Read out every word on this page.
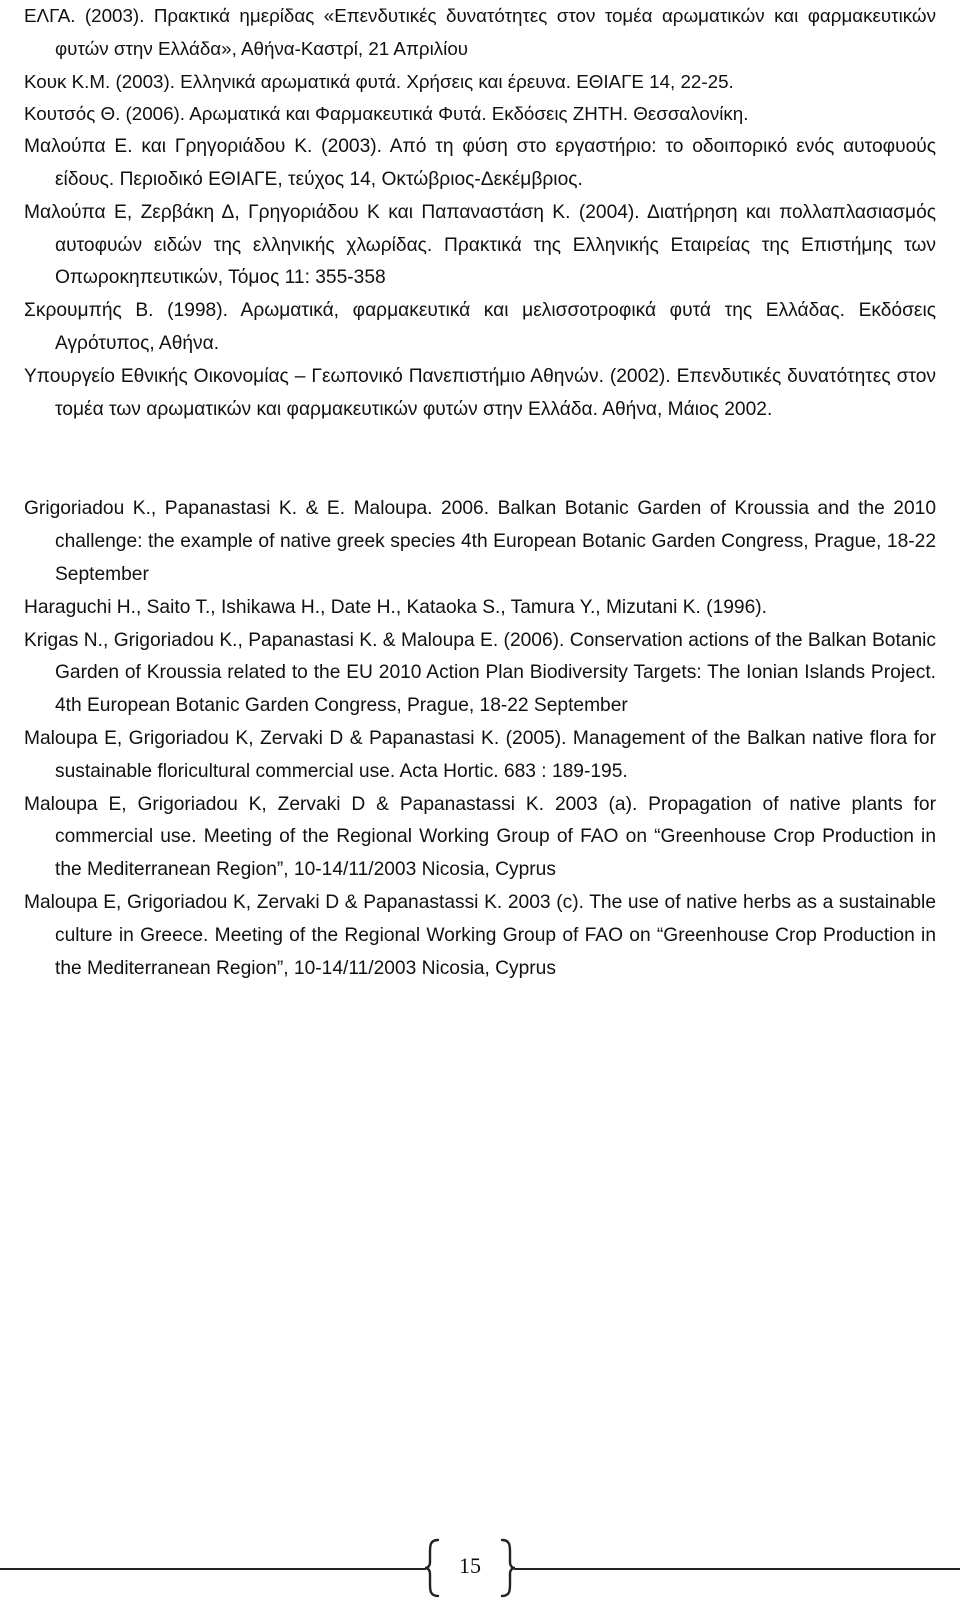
ΕΛΓΑ. (2003). Πρακτικά ημερίδας «Επενδυτικές δυνατότητες στον τομέα αρωματικών και φαρμακευτικών φυτών στην Ελλάδα», Αθήνα-Καστρί, 21 Απριλίου

Κουκ Κ.Μ. (2003). Ελληνικά αρωματικά φυτά. Χρήσεις και έρευνα. ΕΘΙΑΓΕ 14, 22-25.

Κουτσός Θ. (2006). Αρωματικά και Φαρμακευτικά Φυτά. Εκδόσεις ΖΗΤΗ. Θεσσαλονίκη.

Μαλούπα Ε. και Γρηγοριάδου Κ. (2003). Από τη φύση στο εργαστήριο: το οδοιπορικό ενός αυτοφυούς είδους. Περιοδικό ΕΘΙΑΓΕ, τεύχος 14, Οκτώβριος-Δεκέμβριος.

Μαλούπα Ε, Ζερβάκη Δ, Γρηγοριάδου Κ και Παπαναστάση Κ. (2004). Διατήρηση και πολλαπλασιασμός αυτοφυών ειδών της ελληνικής χλωρίδας. Πρακτικά της Ελληνικής Εταιρείας της Επιστήμης των Οπωροκηπευτικών, Τόμος 11: 355-358

Σκρουμπής Β. (1998). Αρωματικά, φαρμακευτικά και μελισσοτροφικά φυτά της Ελλάδας. Εκδόσεις Αγρότυπος, Αθήνα.

Υπουργείο Εθνικής Οικονομίας – Γεωπονικό Πανεπιστήμιο Αθηνών. (2002). Επενδυτικές δυνατότητες στον τομέα των αρωματικών και φαρμακευτικών φυτών στην Ελλάδα. Αθήνα, Μάιος 2002.

Grigoriadou K., Papanastasi K. & E. Maloupa. 2006. Balkan Botanic Garden of Kroussia and the 2010 challenge: the example of native greek species 4th European Botanic Garden Congress, Prague, 18-22 September

Haraguchi H., Saito T., Ishikawa H., Date H., Kataoka S., Tamura Y., Mizutani K. (1996).

Krigas N., Grigoriadou K., Papanastasi K. & Maloupa E. (2006). Conservation actions of the Balkan Botanic Garden of Kroussia related to the EU 2010 Action Plan Biodiversity Targets: The Ionian Islands Project. 4th European Botanic Garden Congress, Prague, 18-22 September

Maloupa E, Grigoriadou K, Zervaki D & Papanastasi K. (2005). Management of the Balkan native flora for sustainable floricultural commercial use. Acta Hortic. 683 : 189-195.

Maloupa E, Grigoriadou K, Zervaki D & Papanastassi K. 2003 (a). Propagation of native plants for commercial use. Meeting of the Regional Working Group of FAO on “Greenhouse Crop Production in the Mediterranean Region”, 10-14/11/2003 Nicosia, Cyprus

Maloupa E, Grigoriadou K, Zervaki D & Papanastassi K. 2003 (c). The use of native herbs as a sustainable culture in Greece. Meeting of the Regional Working Group of FAO on “Greenhouse Crop Production in the Mediterranean Region”, 10-14/11/2003 Nicosia, Cyprus

15
